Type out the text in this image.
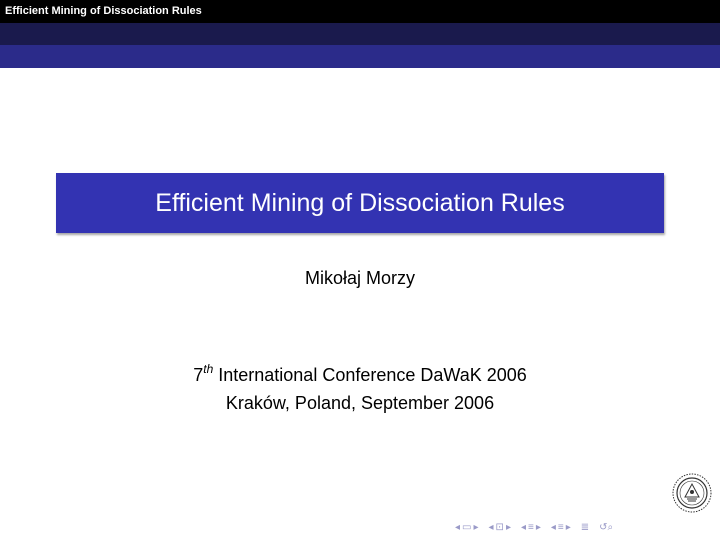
Efficient Mining of Dissociation Rules
Efficient Mining of Dissociation Rules
Mikołaj Morzy
7th International Conference DaWaK 2006
Kraków, Poland, September 2006
◂ ▭ ▸ ◂ ⊡ ▸ ◂ ≡ ▸ ◂ ≡ ▸ ≣ ↺⌕
